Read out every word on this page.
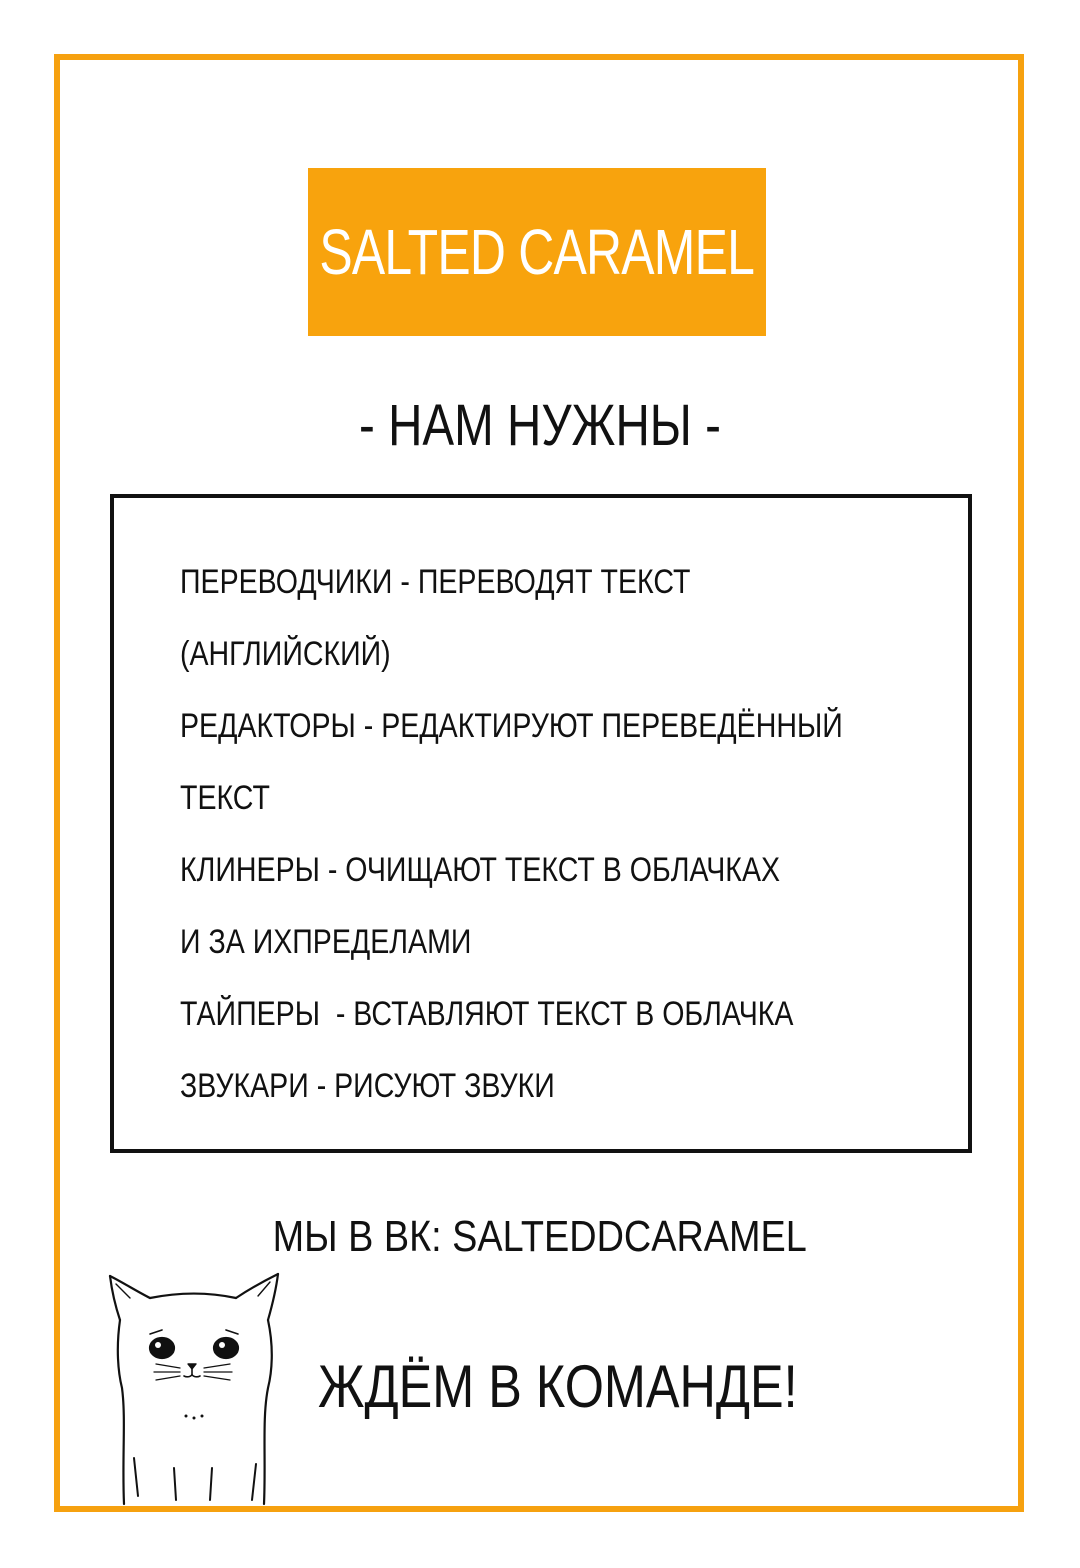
SALTED CARAMEL
- НАМ НУЖНЫ -
ПЕРЕВОДЧИКИ - ПЕРЕВОДЯТ ТЕКСТ
(АНГЛИЙСКИЙ)
РЕДАКТОРЫ - РЕДАКТИРУЮТ ПЕРЕВЕДЁННЫЙ
ТЕКСТ
КЛИНЕРЫ - ОЧИЩАЮТ ТЕКСТ В ОБЛАЧКАХ
И ЗА ИХПРЕДЕЛАМИ
ТАЙПЕРЫ  - ВСТАВЛЯЮТ ТЕКСТ В ОБЛАЧКА
ЗВУКАРИ - РИСУЮТ ЗВУКИ
МЫ В ВК: SALTEDDCARAMEL
ЖДЁМ В КОМАНДЕ!
